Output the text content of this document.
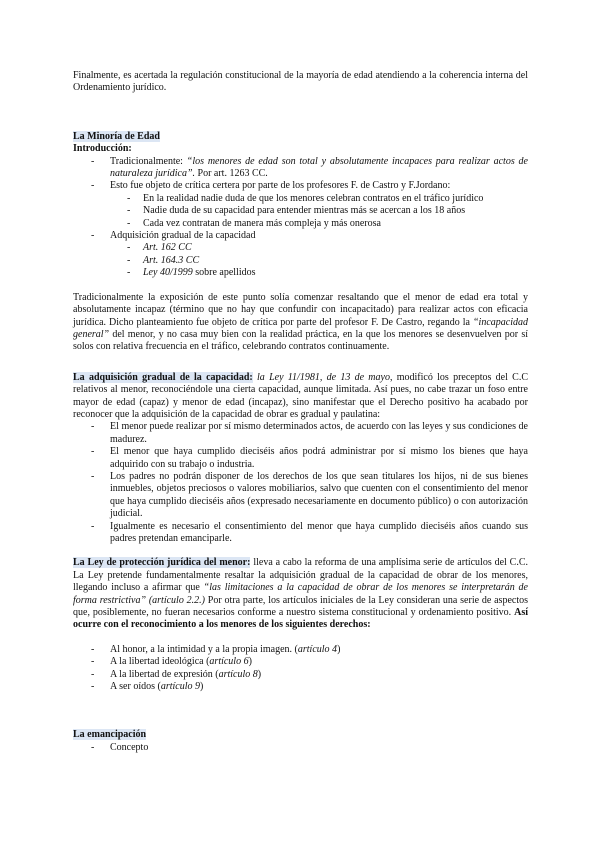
Finalmente, es acertada la regulación constitucional de la mayoría de edad atendiendo a la coherencia interna del Ordenamiento jurídico.

La Minoría de Edad
Introducción:
- Tradicionalmente: “los menores de edad son total y absolutamente incapaces para realizar actos de naturaleza jurídica”. Por art. 1263 CC.
- Esto fue objeto de crítica certera por parte de los profesores F. de Castro y F.Jordano:
- En la realidad nadie duda de que los menores celebran contratos en el tráfico jurídico
- Nadie duda de su capacidad para entender mientras más se acercan a los 18 años
- Cada vez contratan de manera más compleja y más onerosa
- Adquisición gradual de la capacidad
- Art. 162 CC
- Art. 164.3 CC
- Ley 40/1999 sobre apellidos

Tradicionalmente la exposición de este punto solía comenzar resaltando que el menor de edad era total y absolutamente incapaz (término que no hay que confundir con incapacitado) para realizar actos con eficacia jurídica. Dicho planteamiento fue objeto de crítica por parte del profesor F. De Castro, regando la “incapacidad general” del menor, y no casa muy bien con la realidad práctica, en la que los menores se desenvuelven por sí solos con relativa frecuencia en el tráfico, celebrando contratos continuamente.

La adquisición gradual de la capacidad: la Ley 11/1981, de 13 de mayo, modificó los preceptos del C.C relativos al menor, reconociéndole una cierta capacidad, aunque limitada. Así pues, no cabe trazar un foso entre mayor de edad (capaz) y menor de edad (incapaz), sino manifestar que el Derecho positivo ha acabado por reconocer que la adquisición de la capacidad de obrar es gradual y paulatina:

- El menor puede realizar por sí mismo determinados actos, de acuerdo con las leyes y sus condiciones de madurez.
- El menor que haya cumplido dieciséis años podrá administrar por sí mismo los bienes que haya adquirido con su trabajo o industria.
- Los padres no podrán disponer de los derechos de los que sean titulares los hijos, ni de sus bienes inmuebles, objetos preciosos o valores mobiliarios, salvo que cuenten con el consentimiento del menor que haya cumplido dieciséis años (expresado necesariamente en documento público) o con autorización judicial.
- Igualmente es necesario el consentimiento del menor que haya cumplido dieciséis años cuando sus padres pretendan emanciparle.

La Ley de protección jurídica del menor: lleva a cabo la reforma de una amplísima serie de artículos del C.C. La Ley pretende fundamentalmente resaltar la adquisición gradual de la capacidad de obrar de los menores, llegando incluso a afirmar que “las limitaciones a la capacidad de obrar de los menores se interpretarán de forma restrictiva” (artículo 2.2.) Por otra parte, los artículos iniciales de la Ley consideran una serie de aspectos que, posiblemente, no fueran necesarios conforme a nuestro sistema constitucional y ordenamiento positivo. Así ocurre con el reconocimiento a los menores de los siguientes derechos:

- Al honor, a la intimidad y a la propia imagen. (artículo 4)
- A la libertad ideológica (artículo 6)
- A la libertad de expresión (artículo 8)
- A ser oídos (artículo 9)
La emancipación
- Concepto
